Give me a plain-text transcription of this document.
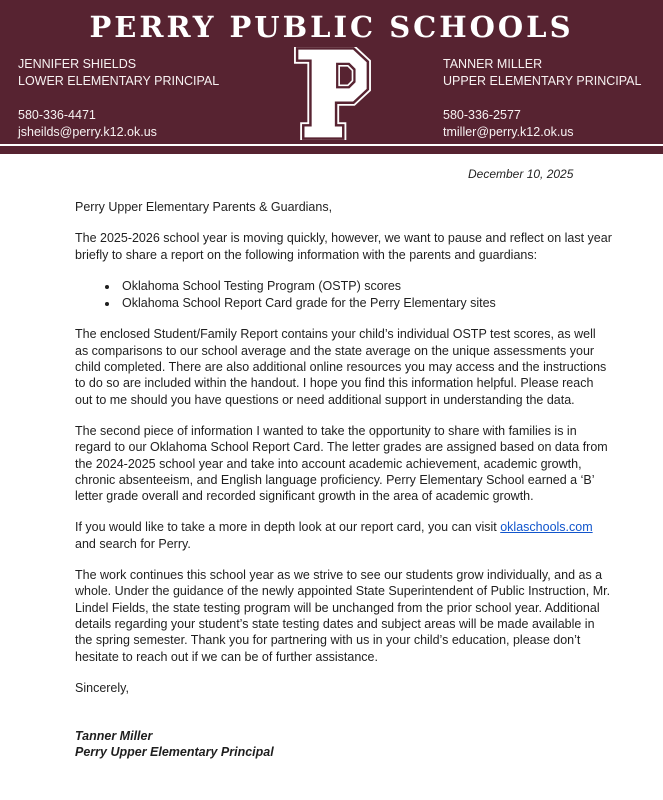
PERRY PUBLIC SCHOOLS
JENNIFER SHIELDS
LOWER ELEMENTARY PRINCIPAL
580-336-4471
jsheilds@perry.k12.ok.us
TANNER MILLER
UPPER ELEMENTARY PRINCIPAL
580-336-2577
tmiller@perry.k12.ok.us
December 10, 2025

Perry Upper Elementary Parents & Guardians,

The 2025-2026 school year is moving quickly, however, we want to pause and reflect on last year briefly to share a report on the following information with the parents and guardians:

• Oklahoma School Testing Program (OSTP) scores
• Oklahoma School Report Card grade for the Perry Elementary sites

The enclosed Student/Family Report contains your child’s individual OSTP test scores, as well as comparisons to our school average and the state average on the unique assessments your child completed. There are also additional online resources you may access and the instructions to do so are included within the handout. I hope you find this information helpful. Please reach out to me should you have questions or need additional support in understanding the data.

The second piece of information I wanted to take the opportunity to share with families is in regard to our Oklahoma School Report Card. The letter grades are assigned based on data from the 2024-2025 school year and take into account academic achievement, academic growth, chronic absenteeism, and English language proficiency. Perry Elementary School earned a ‘B’ letter grade overall and recorded significant growth in the area of academic growth.

If you would like to take a more in depth look at our report card, you can visit oklaschools.com and search for Perry.

The work continues this school year as we strive to see our students grow individually, and as a whole. Under the guidance of the newly appointed State Superintendent of Public Instruction, Mr. Lindel Fields, the state testing program will be unchanged from the prior school year. Additional details regarding your student’s state testing dates and subject areas will be made available in the spring semester. Thank you for partnering with us in your child’s education, please don’t hesitate to reach out if we can be of further assistance.

Sincerely,

Tanner Miller
Perry Upper Elementary Principal
